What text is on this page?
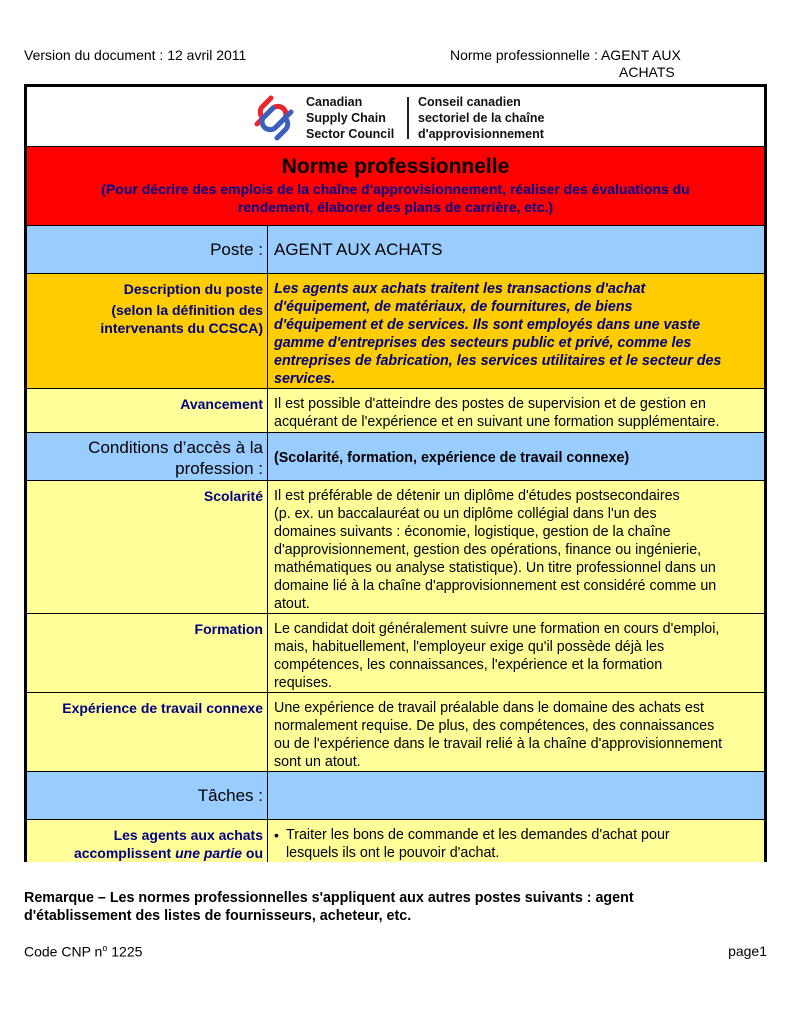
Version du document : 12 avril 2011	Norme professionnelle : AGENT AUX
ACHATS
Canadian
Supply Chain
Sector Council
Conseil canadien
sectoriel de la chaîne
d'approvisionnement
Norme professionnelle
(Pour décrire des emplois de la chaîne d'approvisionnement, réaliser des évaluations du
rendement, élaborer des plans de carrière, etc.)
Poste : AGENT AUX ACHATS
Description du poste
(selon la définition des
intervenants du CCSCA)
Les agents aux achats traitent les transactions d'achat
d'équipement, de matériaux, de fournitures, de biens
d'équipement et de services. Ils sont employés dans une vaste
gamme d'entreprises des secteurs public et privé, comme les
entreprises de fabrication, les services utilitaires et le secteur des
services.
Avancement Il est possible d'atteindre des postes de supervision et de gestion en
acquérant de l'expérience et en suivant une formation supplémentaire.
Conditions d’accès à la
profession :
(Scolarité, formation, expérience de travail connexe)
Scolarité Il est préférable de détenir un diplôme d'études postsecondaires
(p. ex. un baccalauréat ou un diplôme collégial dans l'un des
domaines suivants : économie, logistique, gestion de la chaîne
d'approvisionnement, gestion des opérations, finance ou ingénierie,
mathématiques ou analyse statistique). Un titre professionnel dans un
domaine lié à la chaîne d'approvisionnement est considéré comme un
atout.
Formation Le candidat doit généralement suivre une formation en cours d'emploi,
mais, habituellement, l'employeur exige qu'il possède déjà les
compétences, les connaissances, l'expérience et la formation
requises.
Expérience de travail connexe Une expérience de travail préalable dans le domaine des achats est
normalement requise. De plus, des compétences, des connaissances
ou de l'expérience dans le travail relié à la chaîne d'approvisionnement
sont un atout.
Tâches :
Les agents aux achats
accomplissent une partie ou
• Traiter les bons de commande et les demandes d'achat pour
lesquels ils ont le pouvoir d'achat.
Remarque – Les normes professionnelles s'appliquent aux autres postes suivants : agent
d'établissement des listes de fournisseurs, acheteur, etc.
Code CNP $n^o$ 1225	page1
